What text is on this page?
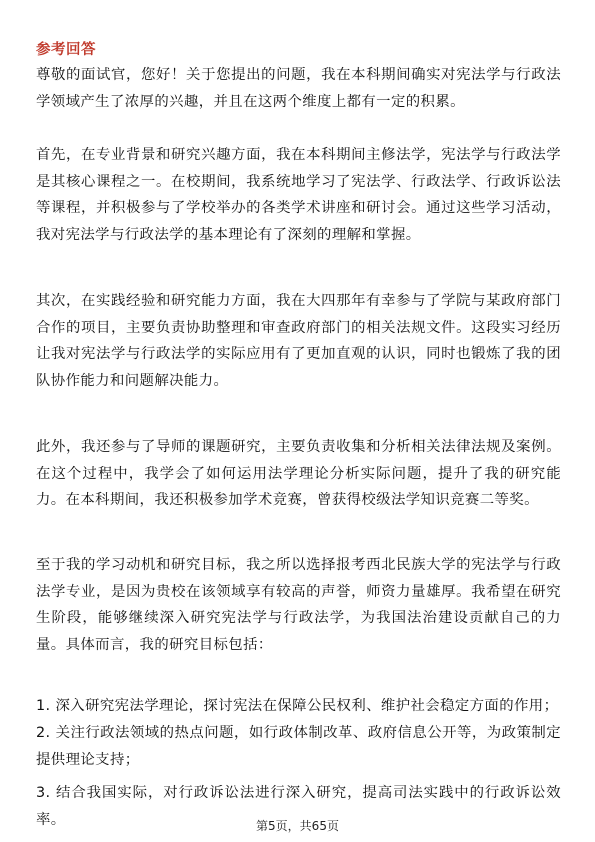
参考回答

尊敬的面试官，您好！关于您提出的问题，我在本科期间确实对宪法学与行政法学领域产生了浓厚的兴趣，并且在这两个维度上都有一定的积累。

首先，在专业背景和研究兴趣方面，我在本科期间主修法学，宪法学与行政法学是其核心课程之一。在校期间，我系统地学习了宪法学、行政法学、行政诉讼法等课程，并积极参与了学校举办的各类学术讲座和研讨会。通过这些学习活动，我对宪法学与行政法学的基本理论有了深刻的理解和掌握。

其次，在实践经验和研究能力方面，我在大四那年有幸参与了学院与某政府部门合作的项目，主要负责协助整理和审查政府部门的相关法规文件。这段实习经历让我对宪法学与行政法学的实际应用有了更加直观的认识，同时也锻炼了我的团队协作能力和问题解决能力。

此外，我还参与了导师的课题研究，主要负责收集和分析相关法律法规及案例。在这个过程中，我学会了如何运用法学理论分析实际问题，提升了我的研究能力。在本科期间，我还积极参加学术竞赛，曾获得校级法学知识竞赛二等奖。

至于我的学习动机和研究目标，我之所以选择报考西北民族大学的宪法学与行政法学专业，是因为贵校在该领域享有较高的声誉，师资力量雄厚。我希望在研究生阶段，能够继续深入研究宪法学与行政法学，为我国法治建设贡献自己的力量。具体而言，我的研究目标包括：

1. 深入研究宪法学理论，探讨宪法在保障公民权利、维护社会稳定方面的作用；

2. 关注行政法领域的热点问题，如行政体制改革、政府信息公开等，为政策制定提供理论支持；

3. 结合我国实际，对行政诉讼法进行深入研究，提高司法实践中的行政诉讼效率。	第5页，共65页
